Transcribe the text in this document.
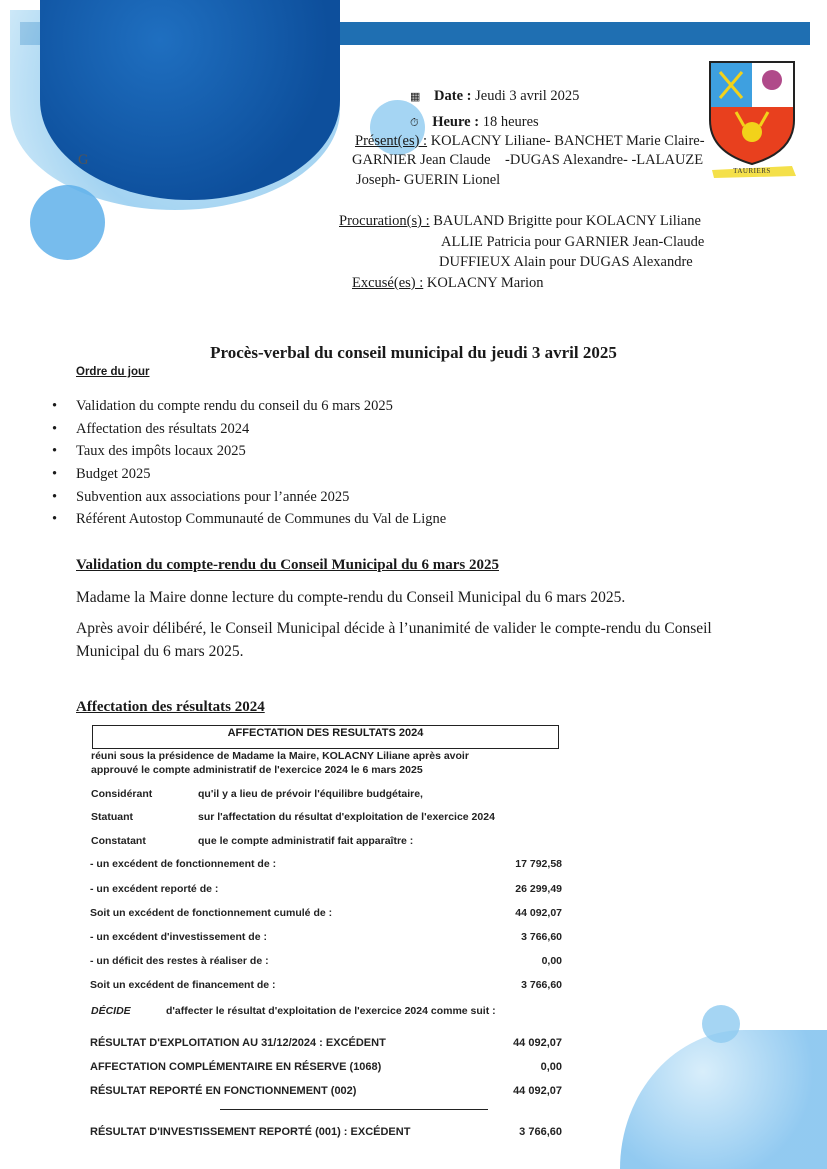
G
TAURIERS
▦ Date : Jeudi 3 avril 2025
⏱ Heure : 18 heures
Présent(es) : KOLACNY Liliane- BANCHET Marie Claire-
GARNIER Jean Claude    -DUGAS Alexandre- -LALAUZE
Joseph- GUERIN Lionel
Procuration(s) : BAULAND Brigitte pour KOLACNY Liliane
ALLIE Patricia pour GARNIER Jean-Claude
DUFFIEUX Alain pour DUGAS Alexandre
Excusé(es) : KOLACNY Marion
Procès-verbal du conseil municipal du jeudi 3 avril 2025
Ordre du jour
• Validation du compte rendu du conseil du 6 mars 2025
• Affectation des résultats 2024
• Taux des impôts locaux 2025
• Budget 2025
• Subvention aux associations pour l’année 2025
• Référent Autostop Communauté de Communes du Val de Ligne
Validation du compte-rendu du Conseil Municipal du 6 mars 2025
Madame la Maire donne lecture du compte-rendu du Conseil Municipal du 6 mars 2025.
Après avoir délibéré, le Conseil Municipal décide à l’unanimité de valider le compte-rendu du Conseil Municipal du 6 mars 2025.
Affectation des résultats 2024
AFFECTATION DES RESULTATS 2024
réuni sous la présidence de Madame la Maire, KOLACNY Liliane après avoir
approuvé le compte administratif de l'exercice 2024 le 6 mars 2025
Considérant	qu'il y a lieu de prévoir l'équilibre budgétaire,
Statuant	sur l'affectation du résultat d'exploitation de l'exercice 2024
Constatant	que le compte administratif fait apparaître :
- un excédent de fonctionnement de :	17 792,58
- un excédent reporté de :	26 299,49
Soit un excédent de fonctionnement cumulé de :	44 092,07
- un excédent d'investissement de :	3 766,60
- un déficit des restes à réaliser de :	0,00
Soit un excédent de financement de :	3 766,60
DÉCIDE	d'affecter le résultat d'exploitation de l'exercice 2024 comme suit :
RÉSULTAT D'EXPLOITATION AU 31/12/2024 : EXCÉDENT	44 092,07
AFFECTATION COMPLÉMENTAIRE EN RÉSERVE (1068)	0,00
RÉSULTAT REPORTÉ EN FONCTIONNEMENT (002)	44 092,07
RÉSULTAT D'INVESTISSEMENT REPORTÉ (001) : EXCÉDENT	3 766,60
